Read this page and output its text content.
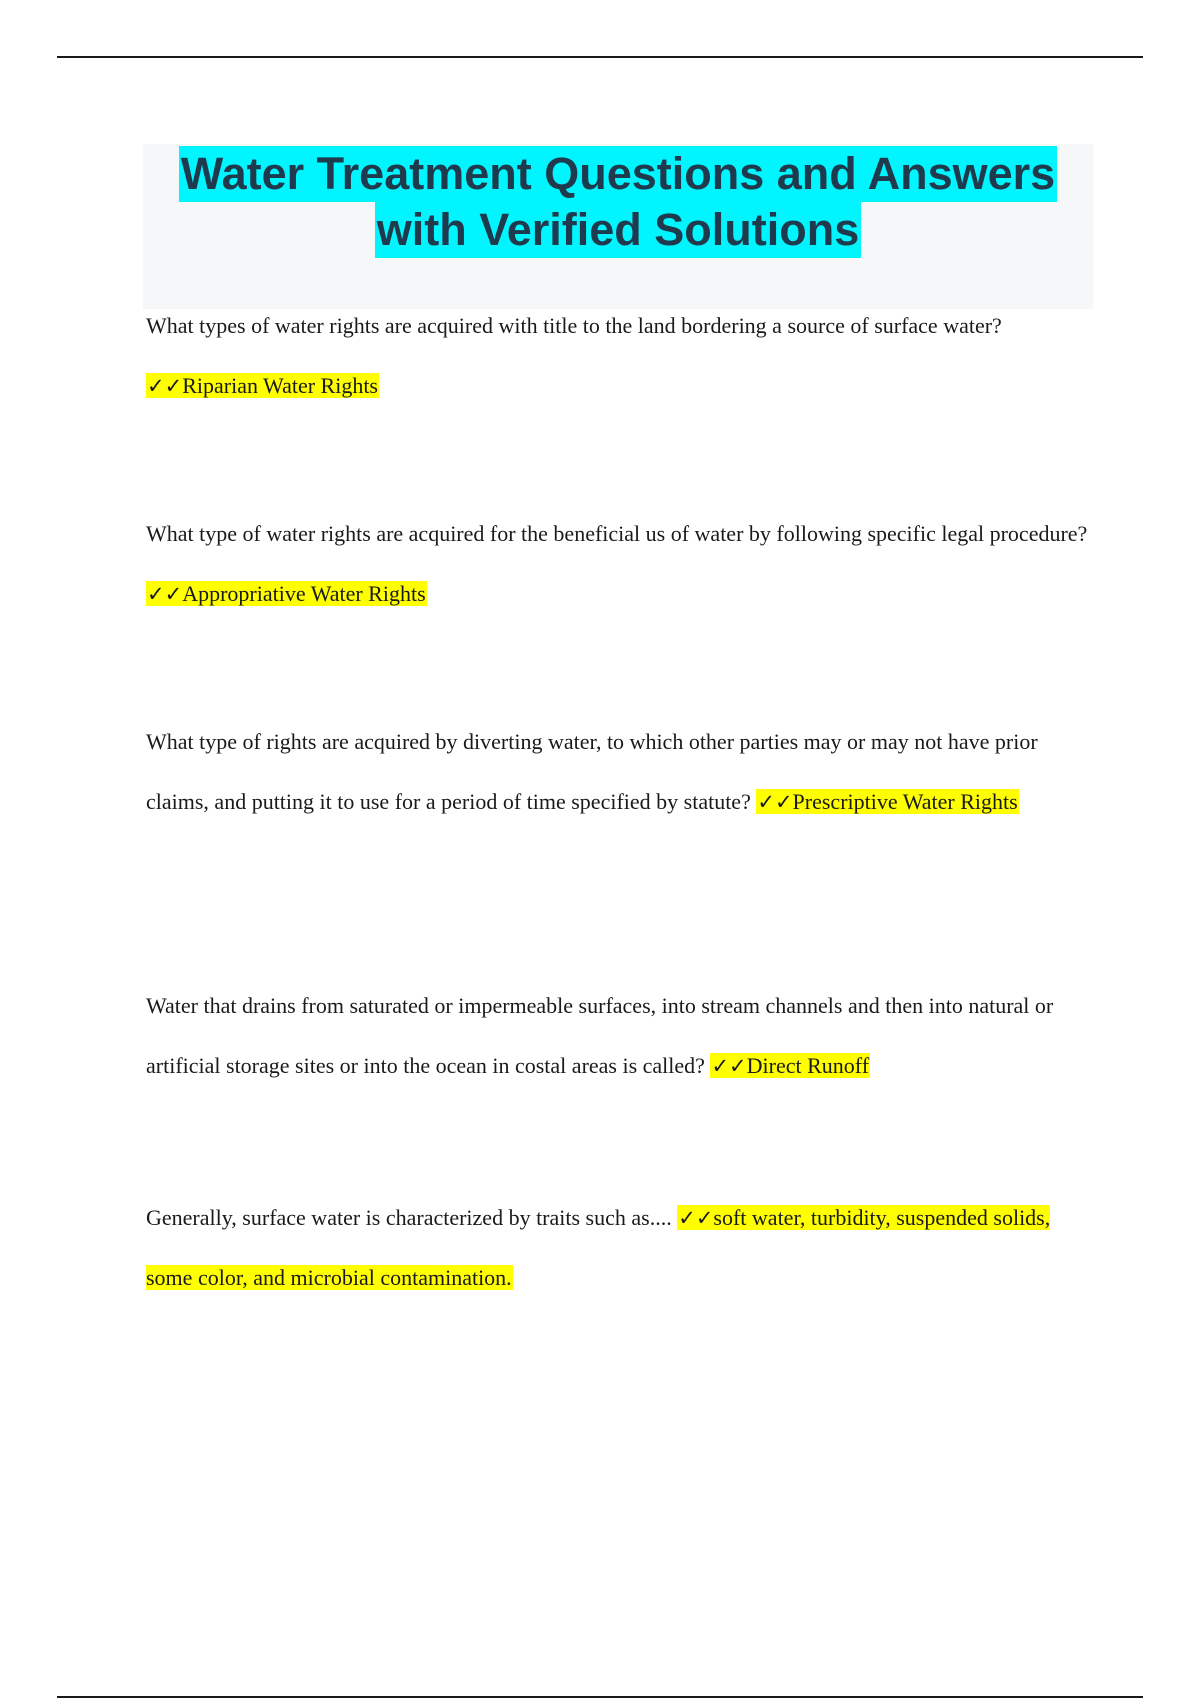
Water Treatment Questions and Answers
with Verified Solutions

What types of water rights are acquired with title to the land bordering a source of surface water?
✓✓Riparian Water Rights

What type of water rights are acquired for the beneficial us of water by following specific legal procedure? ✓✓Appropriative Water Rights

What type of rights are acquired by diverting water, to which other parties may or may not have prior claims, and putting it to use for a period of time specified by statute? ✓✓Prescriptive Water Rights

Water that drains from saturated or impermeable surfaces, into stream channels and then into natural or artificial storage sites or into the ocean in costal areas is called? ✓✓Direct Runoff

Generally, surface water is characterized by traits such as.... ✓✓soft water, turbidity, suspended solids, some color, and microbial contamination.
